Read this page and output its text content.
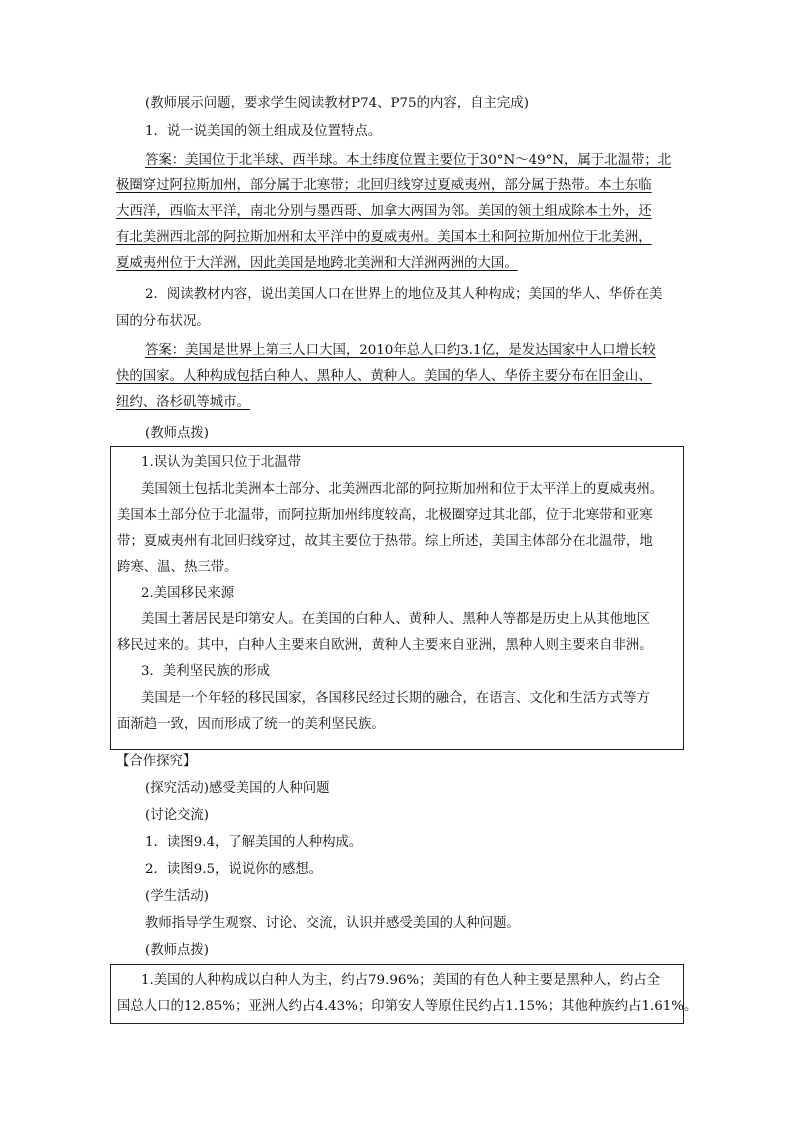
(教师展示问题，要求学生阅读教材P74、P75的内容，自主完成)
1．说一说美国的领土组成及位置特点。
答案：美国位于北半球、西半球。本土纬度位置主要位于30°N～49°N，属于北温带；北
极圈穿过阿拉斯加州，部分属于北寒带；北回归线穿过夏威夷州，部分属于热带。本土东临
大西洋，西临太平洋，南北分别与墨西哥、加拿大两国为邻。美国的领土组成除本土外，还
有北美洲西北部的阿拉斯加州和太平洋中的夏威夷州。美国本土和阿拉斯加州位于北美洲，
夏威夷州位于大洋洲，因此美国是地跨北美洲和大洋洲两洲的大国。
2．阅读教材内容，说出美国人口在世界上的地位及其人种构成；美国的华人、华侨在美
国的分布状况。
答案：美国是世界上第三人口大国，2010年总人口约3.1亿，是发达国家中人口增长较
快的国家。人种构成包括白种人、黑种人、黄种人。美国的华人、华侨主要分布在旧金山、
纽约、洛杉矶等城市。
(教师点拨)
1.误认为美国只位于北温带
美国领土包括北美洲本土部分、北美洲西北部的阿拉斯加州和位于太平洋上的夏威夷州。
美国本土部分位于北温带，而阿拉斯加州纬度较高，北极圈穿过其北部，位于北寒带和亚寒
带；夏威夷州有北回归线穿过，故其主要位于热带。综上所述，美国主体部分在北温带，地
跨寒、温、热三带。
2.美国移民来源
美国土著居民是印第安人。在美国的白种人、黄种人、黑种人等都是历史上从其他地区
移民过来的。其中，白种人主要来自欧洲，黄种人主要来自亚洲，黑种人则主要来自非洲。
3．美利坚民族的形成
美国是一个年轻的移民国家，各国移民经过长期的融合，在语言、文化和生活方式等方
面渐趋一致，因而形成了统一的美利坚民族。
【合作探究】
(探究活动)感受美国的人种问题
(讨论交流)
1．读图9.4，了解美国的人种构成。
2．读图9.5，说说你的感想。
(学生活动)
教师指导学生观察、讨论、交流，认识并感受美国的人种问题。
(教师点拨)
1.美国的人种构成以白种人为主，约占79.96%；美国的有色人种主要是黑种人，约占全
国总人口的12.85%；亚洲人约占4.43%；印第安人等原住民约占1.15%；其他种族约占1.61%。
